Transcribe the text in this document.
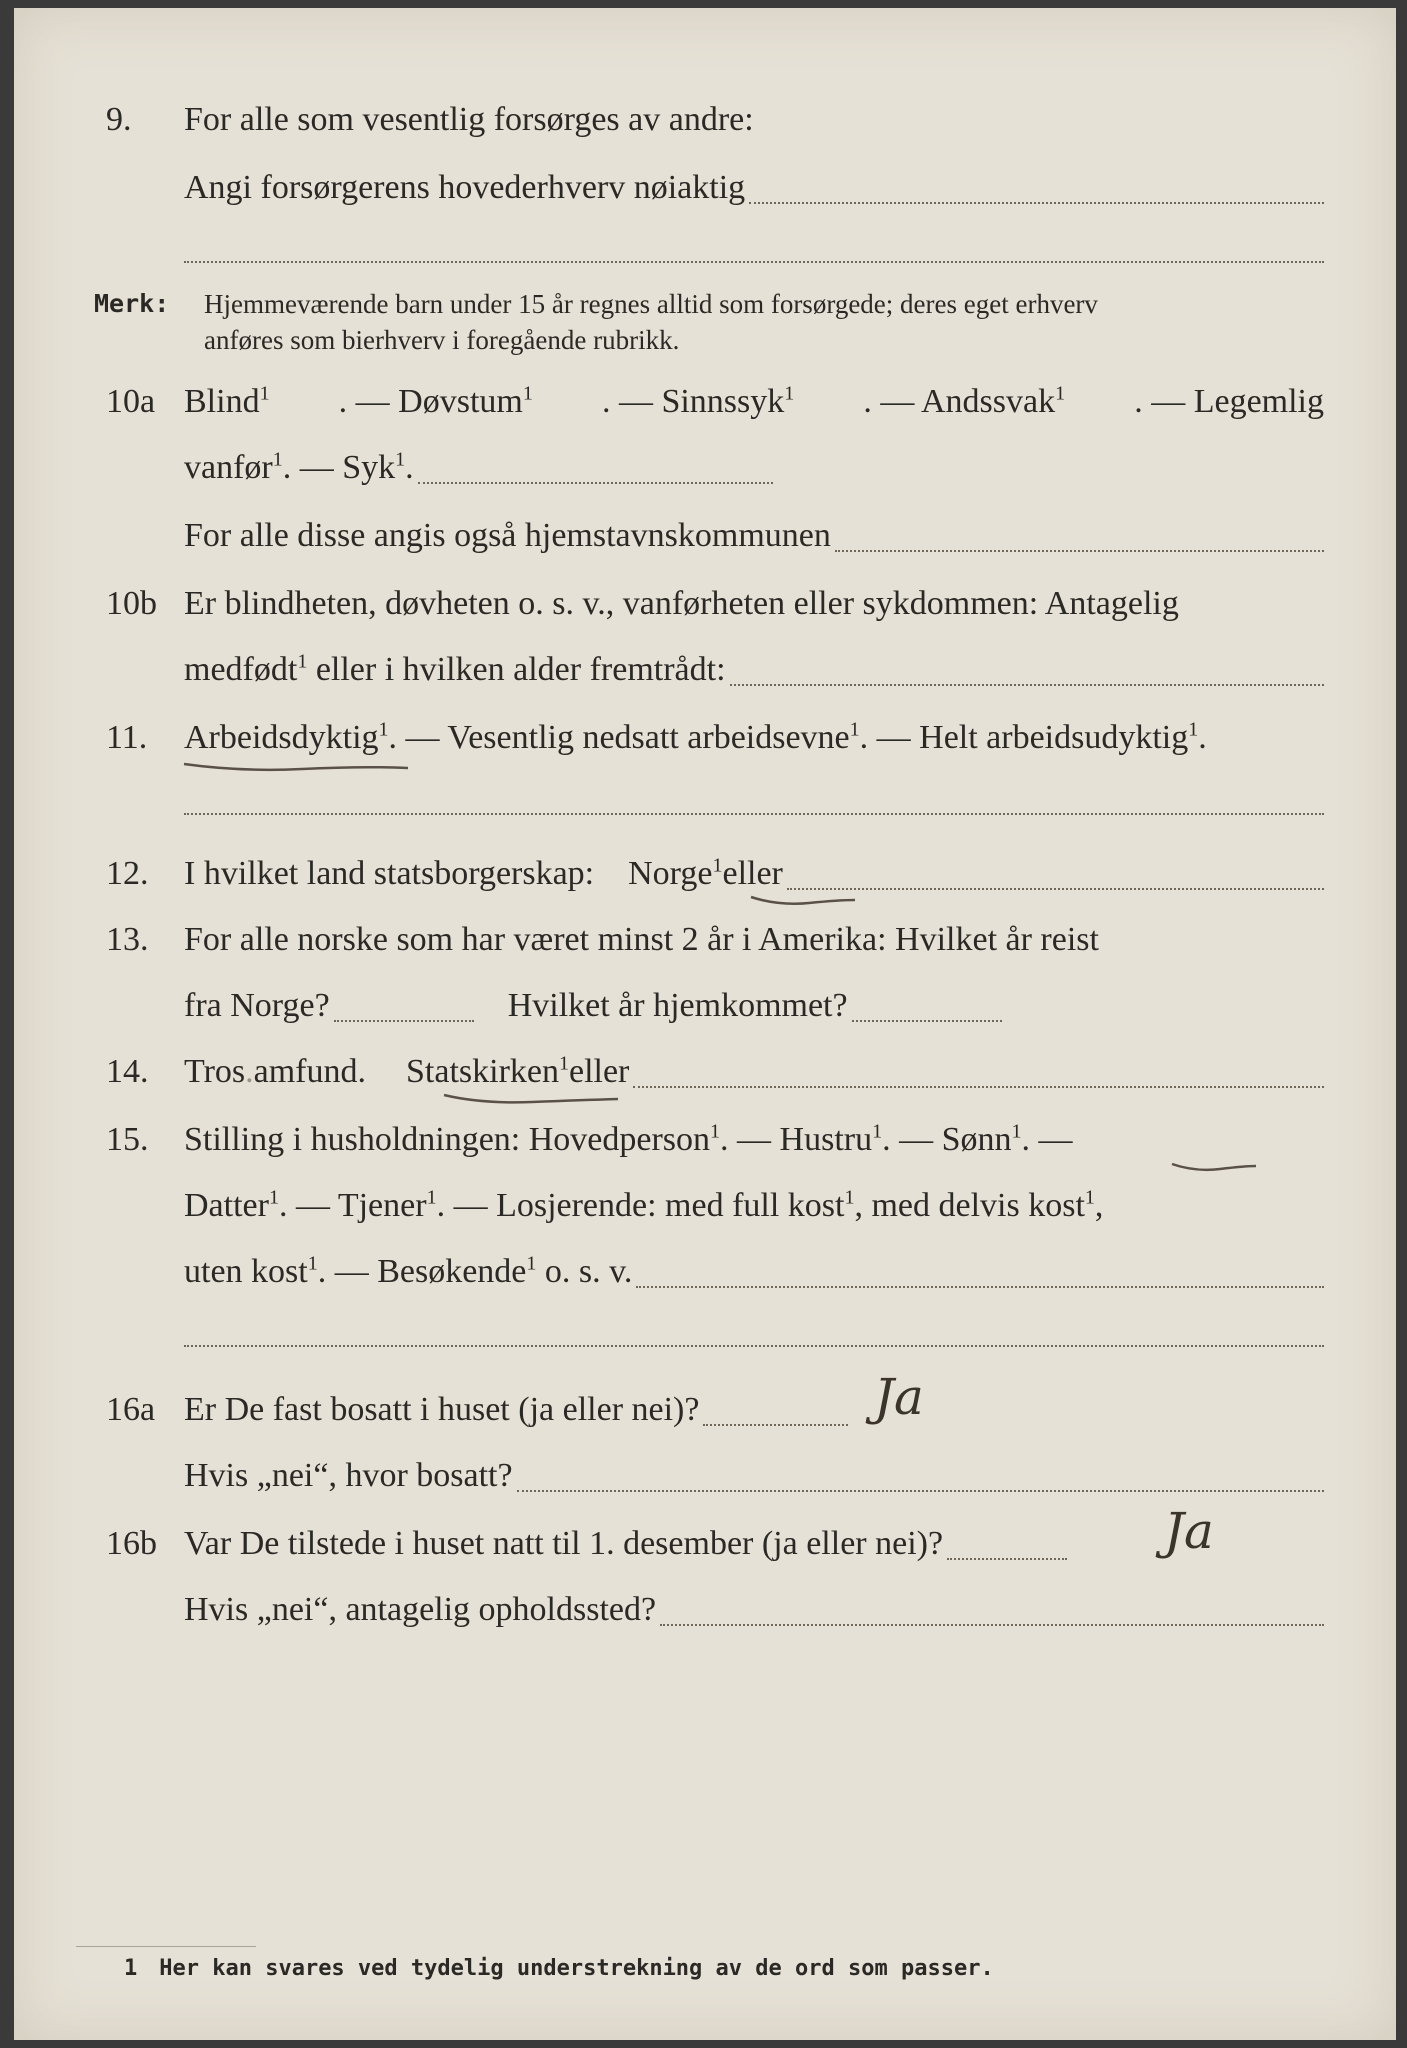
9.	For alle som vesentlig forsørges av andre:
Angi forsørgerens hovederhverv nøiaktig
Merk: Hjemmeværende barn under 15 år regnes alltid som forsørgede; deres eget erhverv
anføres som bierhverv i foregående rubrikk.
10a Blind$^1$ . — Døvstum$^1$ . — Sinnssyk$^1$ . — Andssvak$^1$ . — Legemlig
vanfør$^1$. — Syk$^1$.
For alle disse angis også hjemstavnskommunen
10b Er blindheten, døvheten o. s. v., vanførheten eller sykdommen: Antagelig
medfødt$^1$ eller i hvilken alder fremtrådt:
11.	Arbeidsdyktig$^1$. — Vesentlig nedsatt arbeidsevne$^1$. — Helt arbeidsudyktig$^1$.
12.	I hvilket land statsborgerskap: Norge$^1$ eller
13.	For alle norske som har været minst 2 år i Amerika: Hvilket år reist
fra Norge?	Hvilket år hjemkommet?
14.	Tros.amfund. Statskirken$^1$ eller
15.	Stilling i husholdningen: Hovedperson$^1$. — Hustru$^1$. — Sønn$^1$. —
Datter$^1$. — Tjener$^1$. — Losjerende: med full kost$^1$, med delvis kost$^1$,
uten kost$^1$. — Besøkende$^1$ o. s. v.
16a Er De fast bosatt i huset (ja eller nei)?	Ja
Hvis „nei“, hvor bosatt?
16b Var De tilstede i huset natt til 1. desember (ja eller nei)?	Ja
Hvis „nei“, antagelig opholdssted?
1 Her kan svares ved tydelig understrekning av de ord som passer.
